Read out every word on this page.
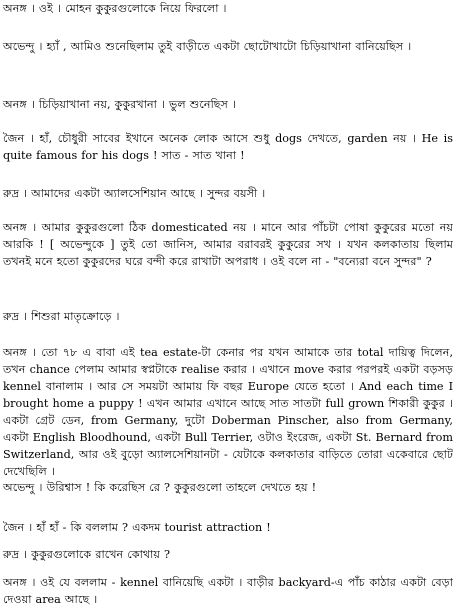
অনঙ্গ । ওই । মোহন কুকুরগুলোকে নিয়ে ফিরলো ।

অভেন্দু । হ্যাঁ , আমিও শুনেছিলাম তুই বাড়ীতে একটা ছোটোখাটো চিড়িয়াখানা বানিয়েছিস ।

অনঙ্গ । চিড়িয়াখানা নয়, কুকুরখানা । ভুল শুনেছিস ।

জৈন । হাঁ, চৌধুরী সাবের ইখানে অনেক লোক আসে শুধু dogs দেখতে, garden নয় । He is quite famous for his dogs ! সাত - সাত খানা !

রুদ্র । আমাদের একটা অ্যালসেশিয়ান আছে । সুন্দর বয়সী ।

অনঙ্গ । আমার কুকুরগুলো ঠিক domesticated নয় । মানে আর পাঁচটা পোষা কুকুরের মতো নয় আরকি ! [ অভেন্দুকে ] তুই তো জানিস, আমার বরাবরই কুকুরের সখ । যখন কলকাতায় ছিলাম তখনই মনে হতো কুকুরদের ঘরে বন্দী করে রাখাটা অপরাধ । ওই বলে না - "বন্যেরা বনে সুন্দর" ?

রুদ্র । শিশুরা মাতৃক্রোড়ে ।

অনঙ্গ । তো ৭৮ এ বাবা এই tea estate-টা কেনার পর যখন আমাকে তার total দায়িত্ব দিলেন, তখন chance পেলাম আমার স্বপ্নটাকে realise করার । এখানে move করার পরপরই একটা বড়সড় kennel বানালাম । আর সে সময়টা আমায় ফি বছর Europe যেতে হতো । And each time I brought home a puppy ! এখন আমার এখানে আছে সাত সাতটা full grown শিকারী কুকুর । একটা গ্রেট ডেন, from Germany, দুটো Doberman Pinscher, also from Germany, একটা English Bloodhound, একটা Bull Terrier, ওটাও ইংরেজ, একটা St. Bernard from Switzerland, আর ওই বুড়ো অ্যালসেশিয়ানটা - যেটাকে কলকাতার বাড়িতে তোরা একেবারে ছোট দেখেছিলি ।

অভেন্দু । উরিশ্বাস ! কি করেছিস রে ? কুকুরগুলো তাহলে দেখতে হয় !

জৈন । হাঁ হাঁ - কি বললাম ? একদম tourist attraction !

রুদ্র । কুকুরগুলোকে রাখেন কোথায় ?

অনঙ্গ । ওই যে বললাম - kennel বানিয়েছি একটা । বাড়ীর backyard-এ পাঁচ কাঠার একটা বেড়া দেওয়া area আছে ।
